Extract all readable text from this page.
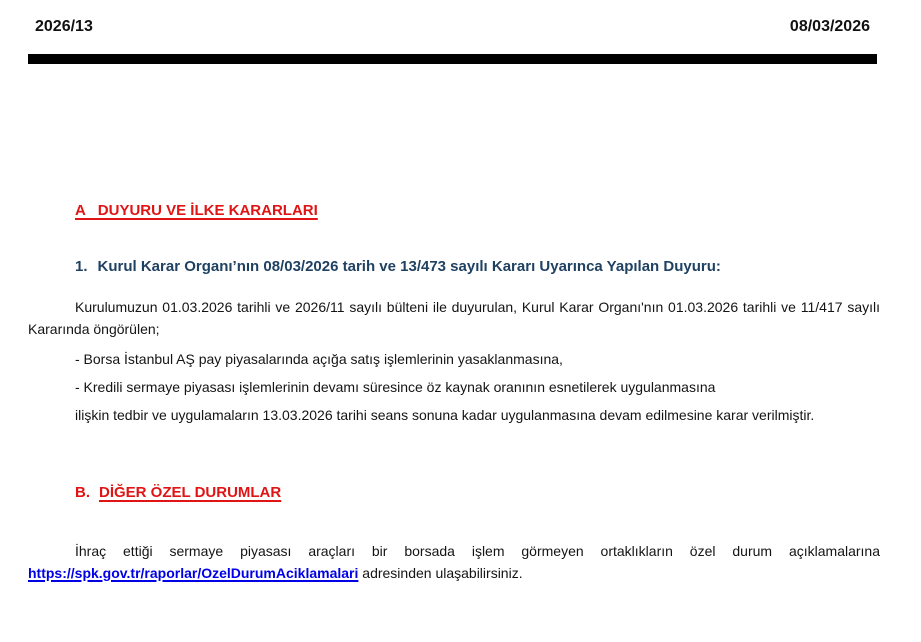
2026/13	08/03/2026
A   DUYURU VE İLKE KARARLARI
1. Kurul Karar Organı’nın 08/03/2026 tarih ve 13/473 sayılı Kararı Uyarınca Yapılan Duyuru:

Kurulumuzun 01.03.2026 tarihli ve 2026/11 sayılı bülteni ile duyurulan, Kurul Karar Organı'nın 01.03.2026 tarihli ve 11/417 sayılı Kararında öngörülen;

- Borsa İstanbul AŞ pay piyasalarında açığa satış işlemlerinin yasaklanmasına,
- Kredili sermaye piyasası işlemlerinin devamı süresince öz kaynak oranının esnetilerek uygulanmasına
ilişkin tedbir ve uygulamaların 13.03.2026 tarihi seans sonuna kadar uygulanmasına devam edilmesine karar verilmiştir.
B. DİĞER ÖZEL DURUMLAR

İhraç ettiği sermaye piyasası araçları bir borsada işlem görmeyen ortaklıkların özel durum açıklamalarına https://spk.gov.tr/raporlar/OzelDurumAciklamalari adresinden ulaşabilirsiniz.
